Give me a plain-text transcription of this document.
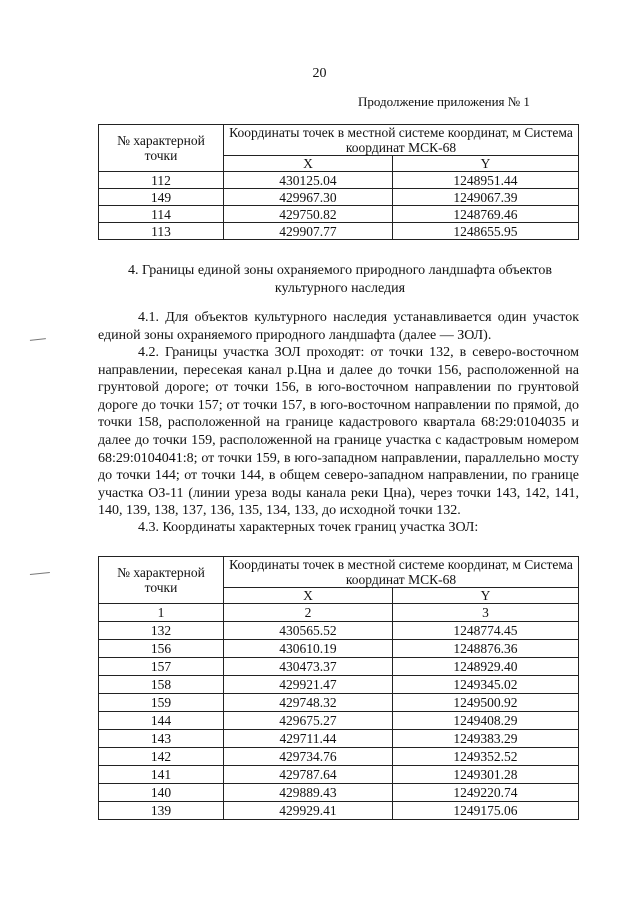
20
Продолжение приложения № 1
№ характерной точки	Координаты точек в местной системе координат, м Система координат МСК-68	
	X	Y
112	430125.04	1248951.44
149	429967.30	1249067.39
114	429750.82	1248769.46
113	429907.77	1248655.95
4. Границы единой зоны охраняемого природного ландшафта объектов культурного наследия

4.1. Для объектов культурного наследия устанавливается один участок единой зоны охраняемого природного ландшафта (далее — ЗОЛ).

4.2. Границы участка ЗОЛ проходят: от точки 132, в северо-восточном направлении, пересекая канал р.Цна и далее до точки 156, расположенной на грунтовой дороге; от точки 156, в юго-восточном направлении по грунтовой дороге до точки 157; от точки 157, в юго-восточном направлении по прямой, до точки 158, расположенной на границе кадастрового квартала 68:29:0104035 и далее до точки 159, расположенной на границе участка с кадастровым номером 68:29:0104041:8; от точки 159, в юго-западном направлении, параллельно мосту до точки 144; от точки 144, в общем северо-западном направлении, по границе участка ОЗ-11 (линии уреза воды канала реки Цна), через точки 143, 142, 141, 140, 139, 138, 137, 136, 135, 134, 133, до исходной точки 132.

4.3. Координаты характерных точек границ участка ЗОЛ:

№ характерной точки	Координаты точек в местной системе координат, м Система координат МСК-68	
	X	Y
1	2	3
132	430565.52	1248774.45
156	430610.19	1248876.36
157	430473.37	1248929.40
158	429921.47	1249345.02
159	429748.32	1249500.92
144	429675.27	1249408.29
143	429711.44	1249383.29
142	429734.76	1249352.52
141	429787.64	1249301.28
140	429889.43	1249220.74
139	429929.41	1249175.06
